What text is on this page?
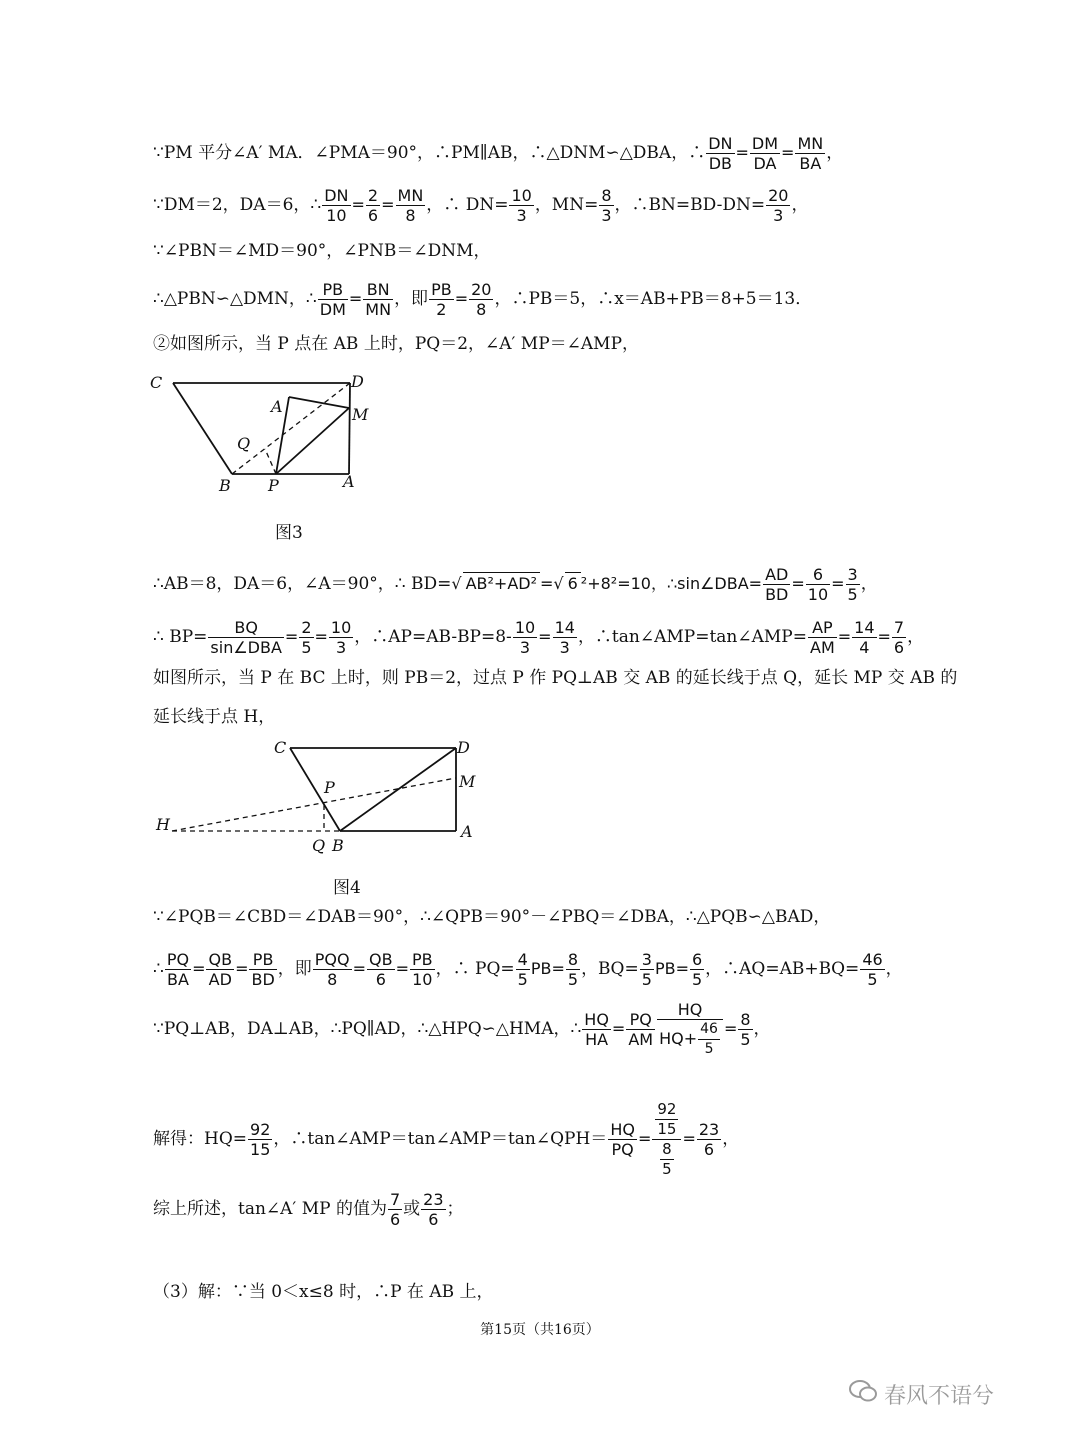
∵PM 平分∠A′ MA．∠PMA＝90°，∴PM∥AB，∴△DNM∽△DBA，∴ $\frac{DN}{DB} = \frac{DM}{DA} = \frac{MN}{BA}$ ，
∵DM＝2，DA＝6，∴ $\frac{DN}{10} = \frac{2}{6} = \frac{MN}{8}$ ，∴ $DN= \frac{10}{3}$ ，$MN= \frac{8}{3}$ ，∴BN=BD-DN= $\frac{20}{3}$ ，
∵∠PBN＝∠MD＝90°，∠PNB＝∠DNM，
∴△PBN∽△DMN，∴ $\frac{PB}{DM} = \frac{BN}{MN}$ ，即 $\frac{PB}{2} = \frac{20}{8}$ ，∴PB＝5，∴x＝AB+PB＝8+5＝13．
②如图所示，当 P 点在 AB 上时，PQ＝2，∠A′ MP＝∠AMP，
C	D
A	M
Q
B P	A
图3
∴AB＝8，DA＝6，∠A＝90°，∴ BD=√ AB²+AD² =√ 6 ²+8²=10，∴sin∠DBA= $\frac{AD}{BD} = \frac{6}{10} = \frac{3}{5}$ ，
∴ $BP= \frac{BQ}{\text{sin∠DBA}} = \frac{2}{5} = \frac{10}{3}$ ，∴AP=AB-BP=8- $\frac{10}{3} = \frac{14}{3}$ ，∴tan∠AMP=tan∠AMP= $\frac{AP}{AM} = \frac{14}{4} = \frac{7}{6}$ ，
如图所示，当 P 在 BC 上时，则 PB＝2，过点 P 作 PQ⊥AB 交 AB 的延长线于点 Q，延长 MP 交 AB 的
延长线于点 H，
C	D
P	M
H
Q B
A
图4
∵∠PQB＝∠CBD＝∠DAB＝90°，∴∠QPB＝90°－∠PBQ＝∠DBA，∴△PQB∽△BAD，
∴ $\frac{PQ}{BA} = \frac{QB}{AD} = \frac{PB}{BD}$ ，即 $\frac{\text{PQQ}}{8} = \frac{QB}{6} = \frac{PB}{10}$ ，∴ $PQ= \frac{4}{5} PB= \frac{8}{5}$ ，$BQ= \frac{3}{5} PB= \frac{6}{5}$ ，∴AQ=AB+BQ= $\frac{46}{5}$ ，
∵PQ⊥AB，DA⊥AB，∴PQ∥AD，∴△HPQ∽△HMA，∴ $\frac{HQ}{HA} = \frac{PQ}{AM} \frac{HQ}{HQ+ \frac{46}{5}} = \frac{8}{5}$ ，
解得：$HQ= \frac{92}{15}$ ，∴tan∠AMP＝tan∠AMP＝tan∠QPH＝ $\frac{HQ}{PQ} = \frac{\frac{92}{15}}{\frac{8}{5}} = \frac{23}{6}$ ，
综上所述，tan∠A′ MP 的值为 $\frac{7}{6}$ 或 $\frac{23}{6}$ ；
（3）解：∵当 0＜x≤8 时，∴P 在 AB 上，
第15页（共16页）
春风不语兮
